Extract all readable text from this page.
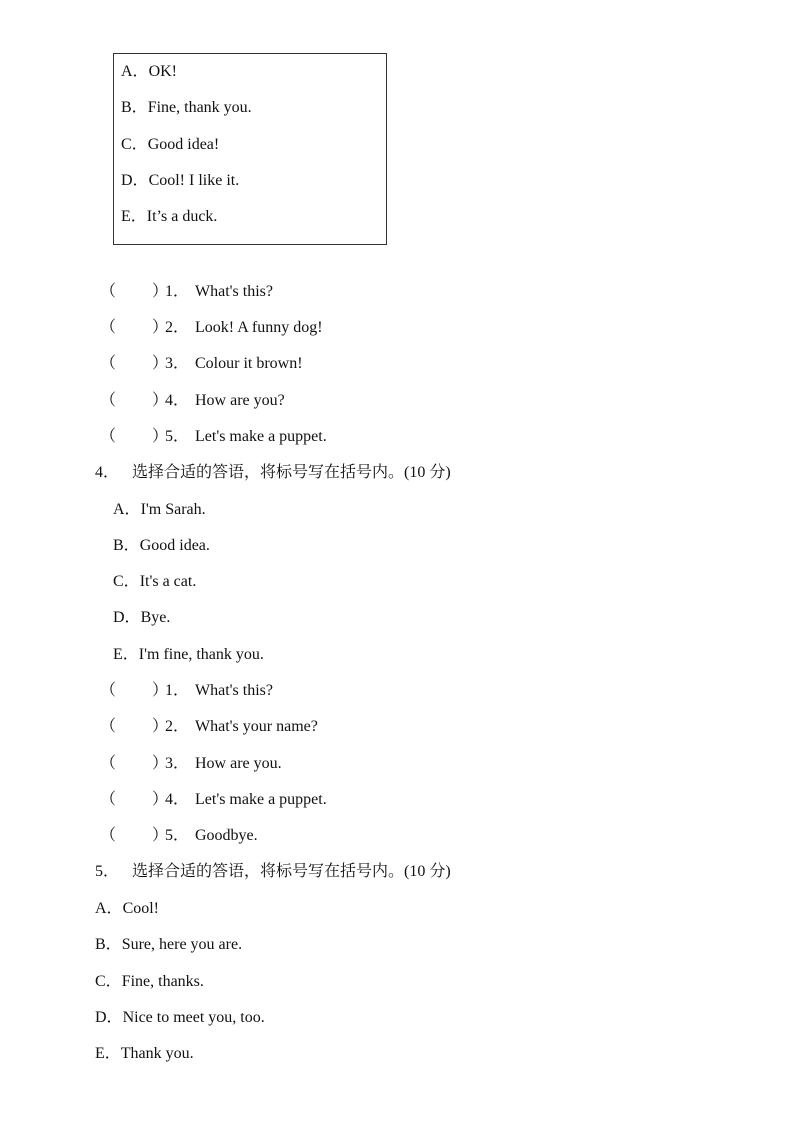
A．OK!
B．Fine, thank you.
C．Good idea!
D．Cool! I like it.
E．It’s a duck.
（ ）1． What's this?
（ ）2． Look! A funny dog!
（ ）3． Colour it brown!
（ ）4． How are you?
（ ）5． Let's make a puppet.
4． 选择合适的答语，将标号写在括号内。(10 分)
A．I'm Sarah.
B．Good idea.
C．It's a cat.
D．Bye.
E．I'm fine, thank you.
（ ）1． What's this?
（ ）2． What's your name?
（ ）3． How are you.
（ ）4． Let's make a puppet.
（ ）5． Goodbye.
5． 选择合适的答语，将标号写在括号内。(10 分)
A．Cool!
B．Sure, here you are.
C．Fine, thanks.
D．Nice to meet you, too.
E．Thank you.
